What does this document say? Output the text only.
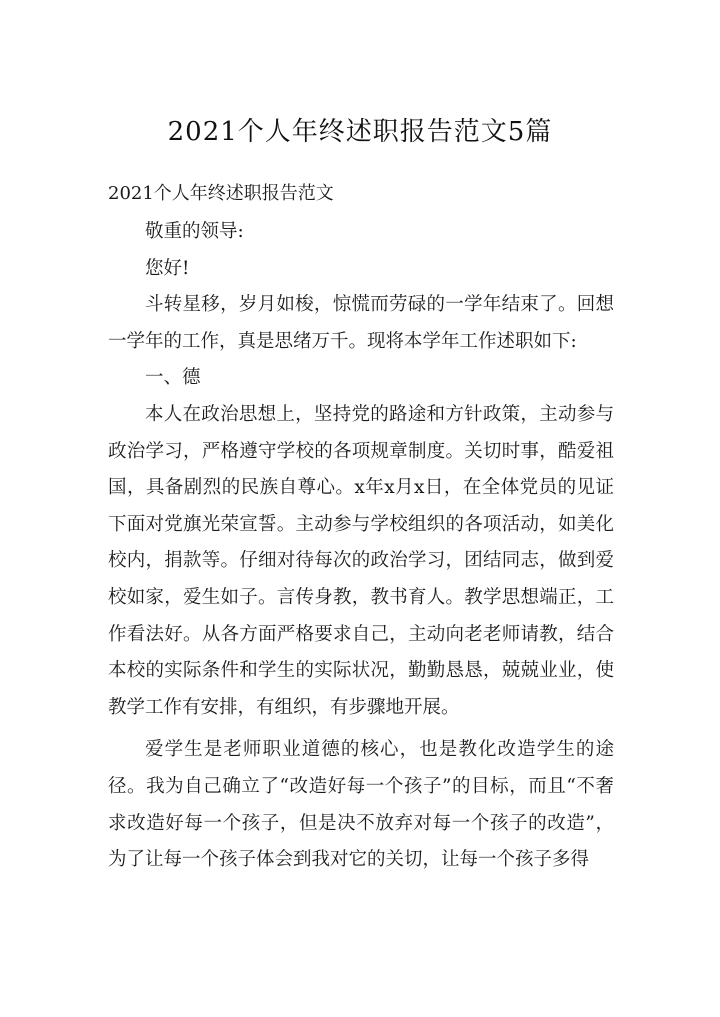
2021个人年终述职报告范文5篇
2021个人年终述职报告范文

敬重的领导:

您好!

斗转星移，岁月如梭，惊慌而劳碌的一学年结束了。回想一学年的工作，真是思绪万千。现将本学年工作述职如下:

一、德

本人在政治思想上，坚持党的路途和方针政策，主动参与政治学习，严格遵守学校的各项规章制度。关切时事，酷爱祖国，具备剧烈的民族自尊心。x年x月x日，在全体党员的见证下面对党旗光荣宣誓。主动参与学校组织的各项活动，如美化校内，捐款等。仔细对待每次的政治学习，团结同志，做到爱校如家，爱生如子。言传身教，教书育人。教学思想端正，工作看法好。从各方面严格要求自己，主动向老老师请教，结合本校的实际条件和学生的实际状况，勤勤恳恳，兢兢业业，使教学工作有安排，有组织，有步骤地开展。

爱学生是老师职业道德的核心，也是教化改造学生的途径。我为自己确立了“改造好每一个孩子”的目标，而且“不奢求改造好每一个孩子，但是决不放弃对每一个孩子的改造”，为了让每一个孩子体会到我对它的关切，让每一个孩子多得
